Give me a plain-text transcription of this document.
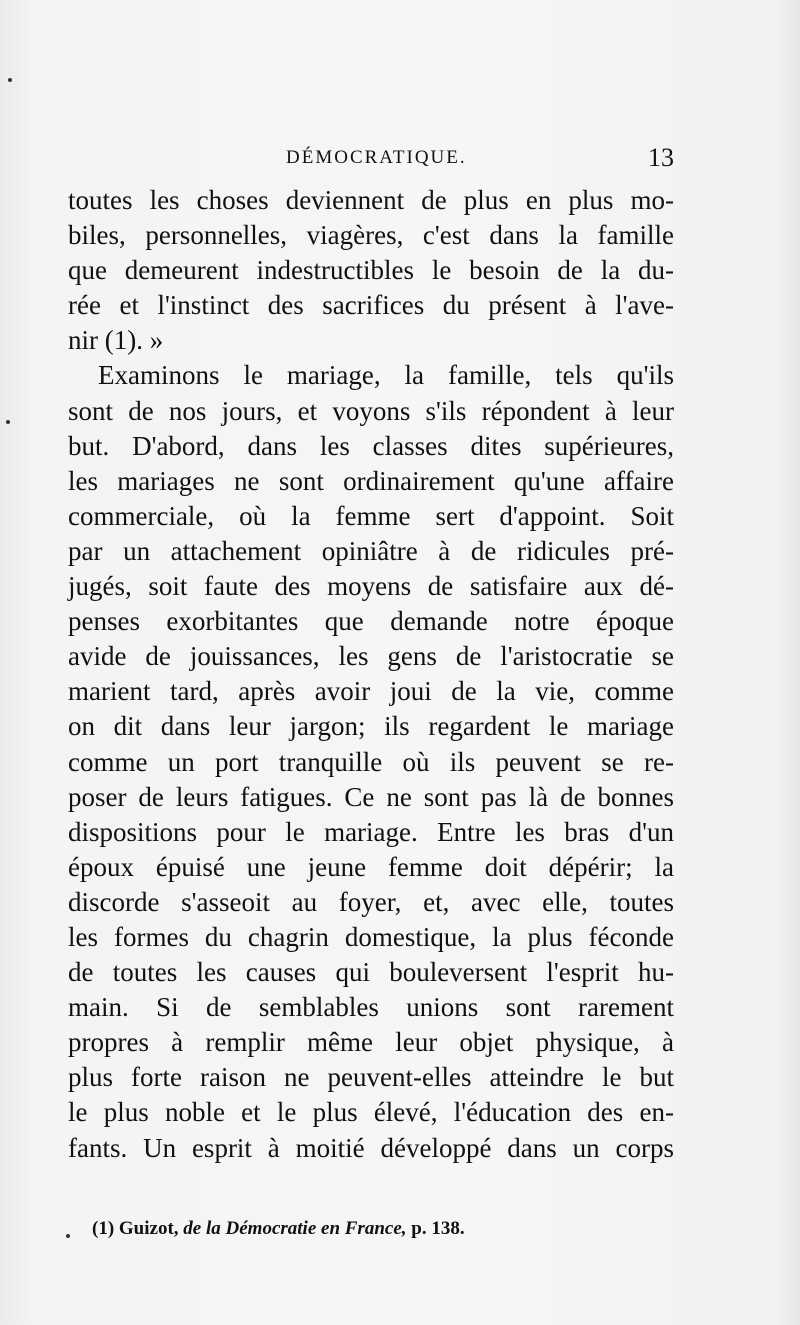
DÉMOCRATIQUE.	13
toutes les choses deviennent de plus en plus mo-
biles, personnelles, viagères, c'est dans la famille
que demeurent indestructibles le besoin de la du-
rée et l'instinct des sacrifices du présent à l'ave-
nir (1). »
Examinons le mariage, la famille, tels qu'ils
sont de nos jours, et voyons s'ils répondent à leur
but. D'abord, dans les classes dites supérieures,
les mariages ne sont ordinairement qu'une affaire
commerciale, où la femme sert d'appoint. Soit
par un attachement opiniâtre à de ridicules pré-
jugés, soit faute des moyens de satisfaire aux dé-
penses exorbitantes que demande notre époque
avide de jouissances, les gens de l'aristocratie se
marient tard, après avoir joui de la vie, comme
on dit dans leur jargon; ils regardent le mariage
comme un port tranquille où ils peuvent se re-
poser de leurs fatigues. Ce ne sont pas là de bonnes
dispositions pour le mariage. Entre les bras d'un
époux épuisé une jeune femme doit dépérir; la
discorde s'asseoit au foyer, et, avec elle, toutes
les formes du chagrin domestique, la plus féconde
de toutes les causes qui bouleversent l'esprit hu-
main. Si de semblables unions sont rarement
propres à remplir même leur objet physique, à
plus forte raison ne peuvent-elles atteindre le but
le plus noble et le plus élevé, l'éducation des en-
fants. Un esprit à moitié développé dans un corps
(1) Guizot, de la Démocratie en France, p. 138.
